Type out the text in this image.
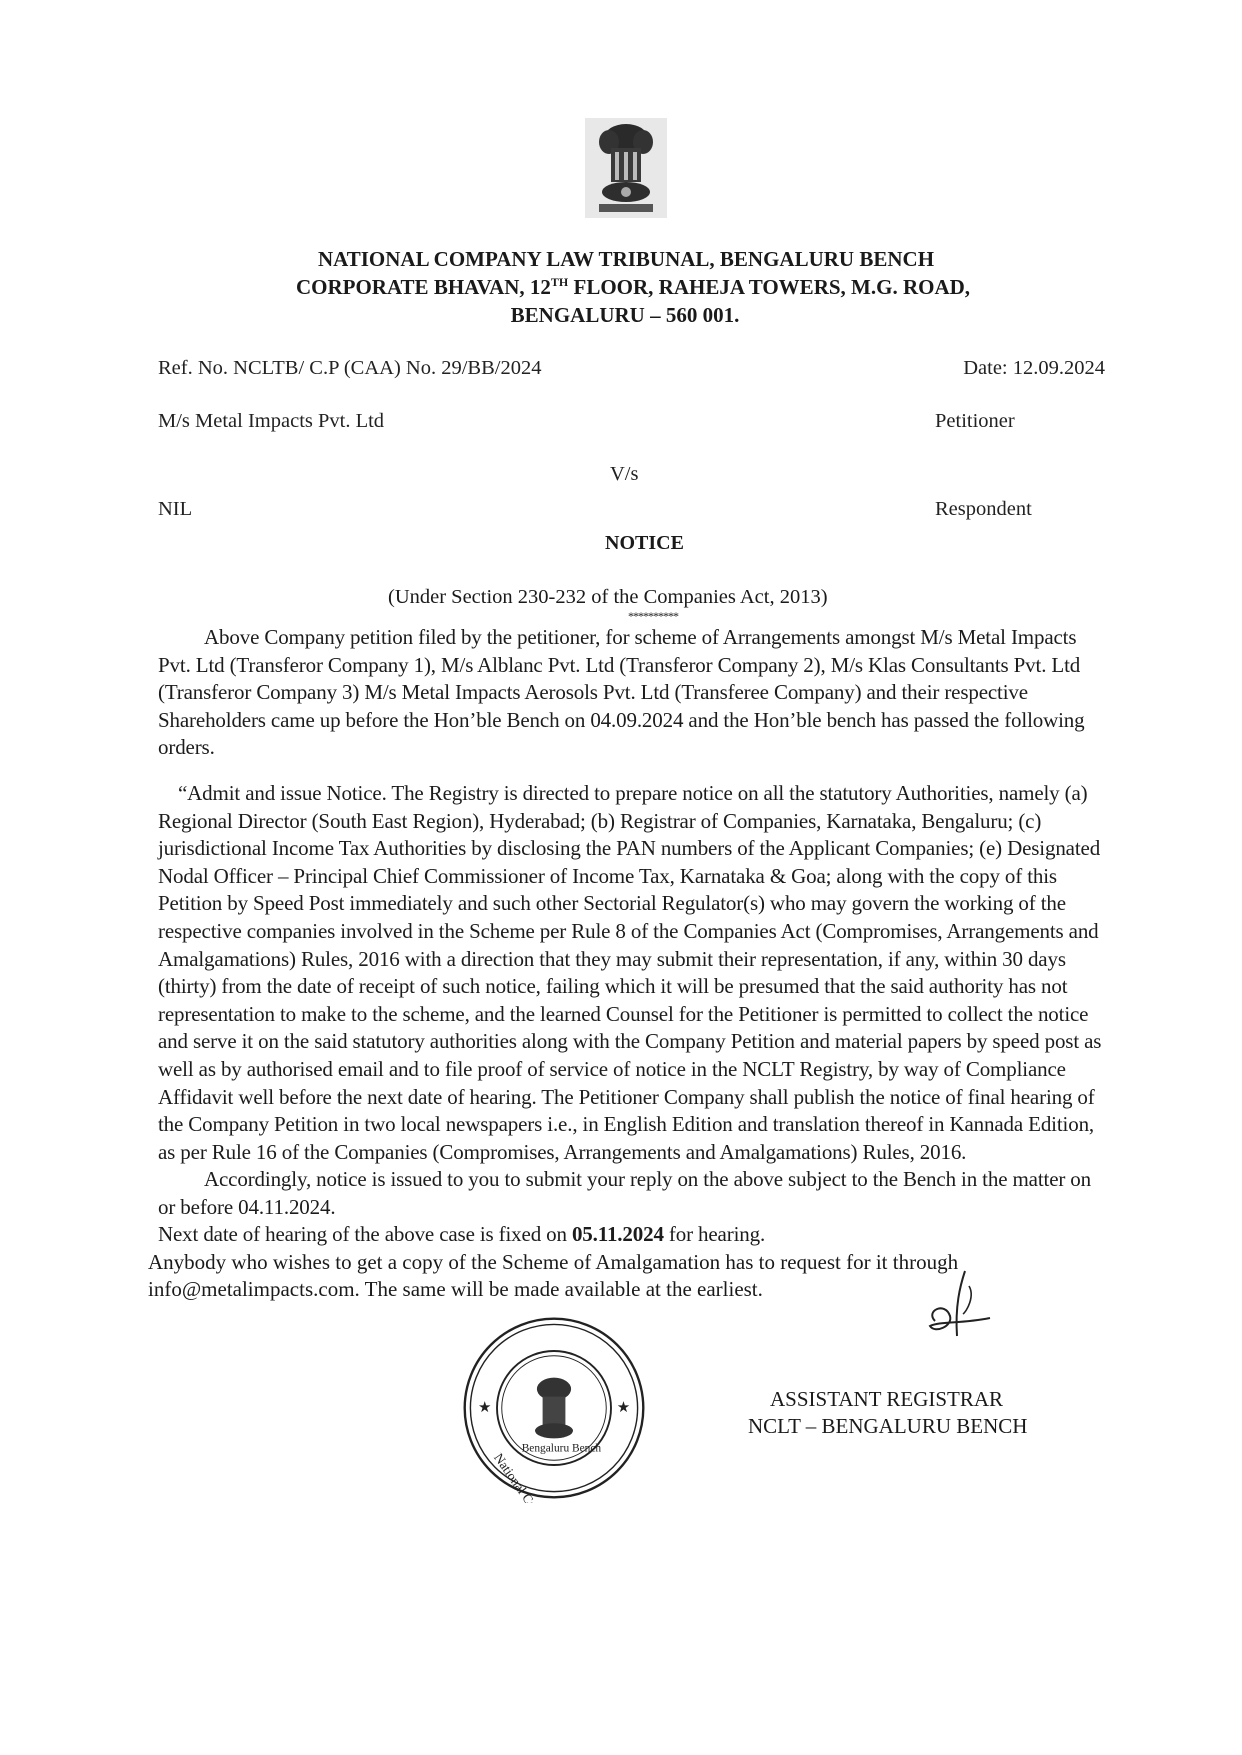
NATIONAL COMPANY LAW TRIBUNAL, BENGALURU BENCH
CORPORATE BHAVAN, 12TH FLOOR, RAHEJA TOWERS, M.G. ROAD,
BENGALURU – 560 001.
Ref. No. NCLTB/ C.P (CAA) No. 29/BB/2024	Date: 12.09.2024
M/s Metal Impacts Pvt. Ltd	Petitioner
V/s
NIL	Respondent
NOTICE
(Under Section 230-232 of the Companies Act, 2013)
**********
Above Company petition filed by the petitioner, for scheme of Arrangements amongst M/s Metal Impacts Pvt. Ltd (Transferor Company 1), M/s Alblanc Pvt. Ltd (Transferor Company 2), M/s Klas Consultants Pvt. Ltd (Transferor Company 3) M/s Metal Impacts Aerosols Pvt. Ltd (Transferee Company) and their respective Shareholders came up before the Hon’ble Bench on 04.09.2024 and the Hon’ble bench has passed the following orders.
“Admit and issue Notice. The Registry is directed to prepare notice on all the statutory Authorities, namely (a) Regional Director (South East Region), Hyderabad; (b) Registrar of Companies, Karnataka, Bengaluru; (c) jurisdictional Income Tax Authorities by disclosing the PAN numbers of the Applicant Companies; (e) Designated Nodal Officer – Principal Chief Commissioner of Income Tax, Karnataka & Goa; along with the copy of this Petition by Speed Post immediately and such other Sectorial Regulator(s) who may govern the working of the respective companies involved in the Scheme per Rule 8 of the Companies Act (Compromises, Arrangements and Amalgamations) Rules, 2016 with a direction that they may submit their representation, if any, within 30 days (thirty) from the date of receipt of such notice, failing which it will be presumed that the said authority has not representation to make to the scheme, and the learned Counsel for the Petitioner is permitted to collect the notice and serve it on the said statutory authorities along with the Company Petition and material papers by speed post as well as by authorised email and to file proof of service of notice in the NCLT Registry, by way of Compliance Affidavit well before the next date of hearing. The Petitioner Company shall publish the notice of final hearing of the Company Petition in two local newspapers i.e., in English Edition and translation thereof in Kannada Edition, as per Rule 16 of the Companies (Compromises, Arrangements and Amalgamations) Rules, 2016.
Accordingly, notice is issued to you to submit your reply on the above subject to the Bench in the matter on or before 04.11.2024.
Next date of hearing of the above case is fixed on 05.11.2024 for hearing.
Anybody who wishes to get a copy of the Scheme of Amalgamation has to request for it through info@metalimpacts.com. The same will be made available at the earliest.
★	★
Bengaluru Bench
ASSISTANT REGISTRAR
NCLT – BENGALURU BENCH
